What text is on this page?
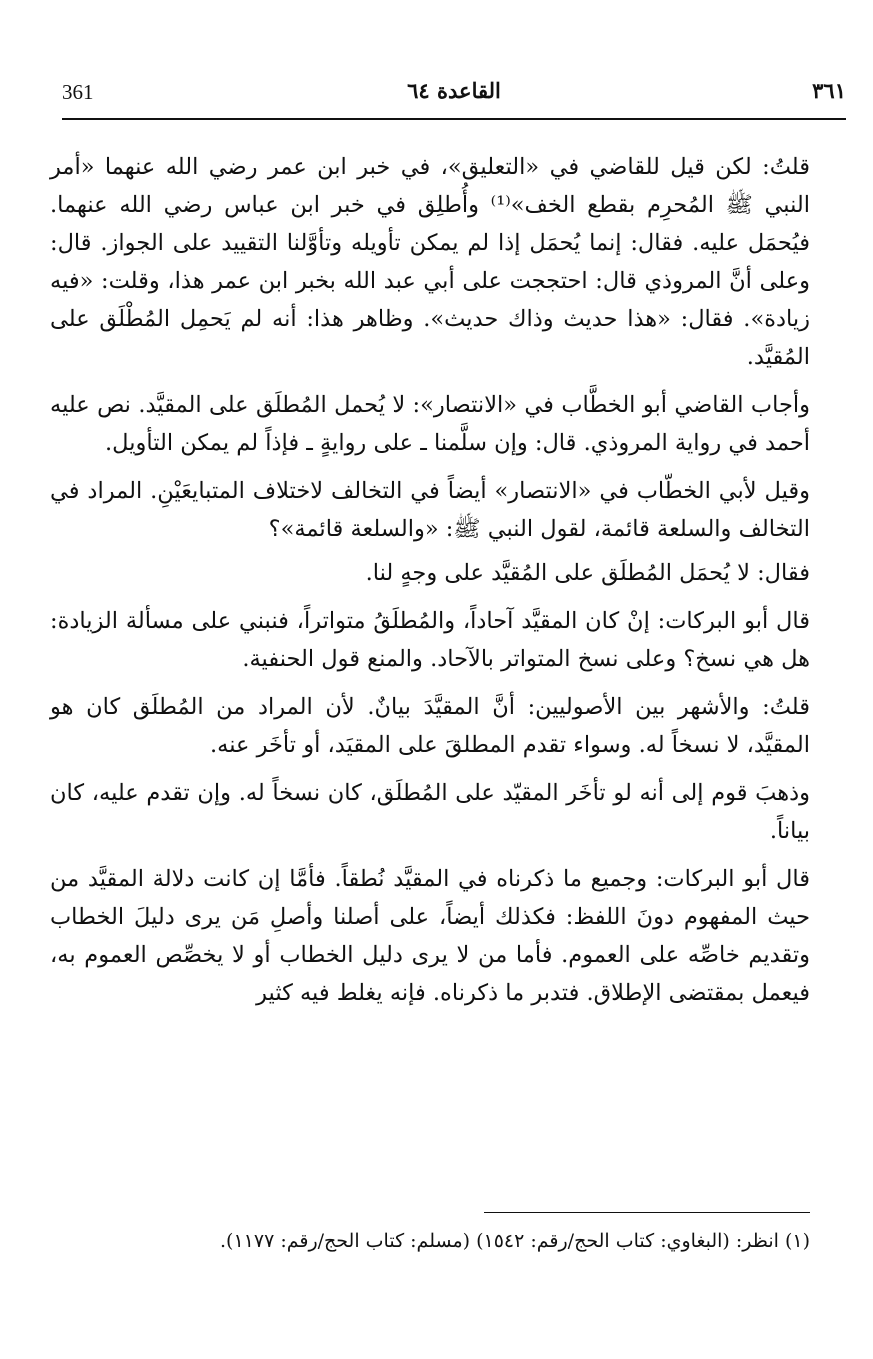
361	القاعدة ٦٤	٣٦١

قلتُ: لكن قيل للقاضي في «التعليق»، في خبر ابن عمر رضي الله عنهما «أمر النبي ﷺ المُحرِم بقطع الخف»⁽¹⁾ وأُطلِق في خبر ابن عباس رضي الله عنهما. فيُحمَل عليه. فقال: إنما يُحمَل إذا لم يمكن تأويله وتأوَّلنا التقييد على الجواز. قال: وعلى أنَّ المروذي قال: احتججت على أبي عبد الله بخبر ابن عمر هذا، وقلت: «فيه زيادة». فقال: «هذا حديث وذاك حديث». وظاهر هذا: أنه لم يَحمِل المُطْلَق على المُقيَّد.

وأجاب القاضي أبو الخطَّاب في «الانتصار»: لا يُحمل المُطلَق على المقيَّد. نص عليه أحمد في رواية المروذي. قال: وإن سلَّمنا ـ على روايةٍ ـ فإذاً لم يمكن التأويل.

وقيل لأبي الخطّاب في «الانتصار» أيضاً في التخالف لاختلاف المتبايعَيْنِ. المراد في التخالف والسلعة قائمة، لقول النبي ﷺ: «والسلعة قائمة»؟

فقال: لا يُحمَل المُطلَق على المُقيَّد على وجهٍ لنا.

قال أبو البركات: إنْ كان المقيَّد آحاداً، والمُطلَقُ متواتراً، فنبني على مسألة الزيادة: هل هي نسخ؟ وعلى نسخ المتواتر بالآحاد. والمنع قول الحنفية.

قلتُ: والأشهر بين الأصوليين: أنَّ المقيَّدَ بيانٌ. لأن المراد من المُطلَق كان هو المقيَّد، لا نسخاً له. وسواء تقدم المطلقَ على المقيَد، أو تأخَر عنه.

وذهبَ قوم إلى أنه لو تأخَر المقيّد على المُطلَق، كان نسخاً له. وإن تقدم عليه، كان بياناً.

قال أبو البركات: وجميع ما ذكرناه في المقيَّد نُطقاً. فأمَّا إن كانت دلالة المقيَّد من حيث المفهوم دونَ اللفظ: فكذلك أيضاً، على أصلنا وأصلِ مَن يرى دليلَ الخطاب وتقديم خاصِّه على العموم. فأما من لا يرى دليل الخطاب أو لا يخصِّص العموم به، فيعمل بمقتضى الإطلاق. فتدبر ما ذكرناه. فإنه يغلط فيه كثير

(١) انظر: (البغاوي: كتاب الحج/رقم: ١٥٤٢) (مسلم: كتاب الحج/رقم: ١١٧٧).
